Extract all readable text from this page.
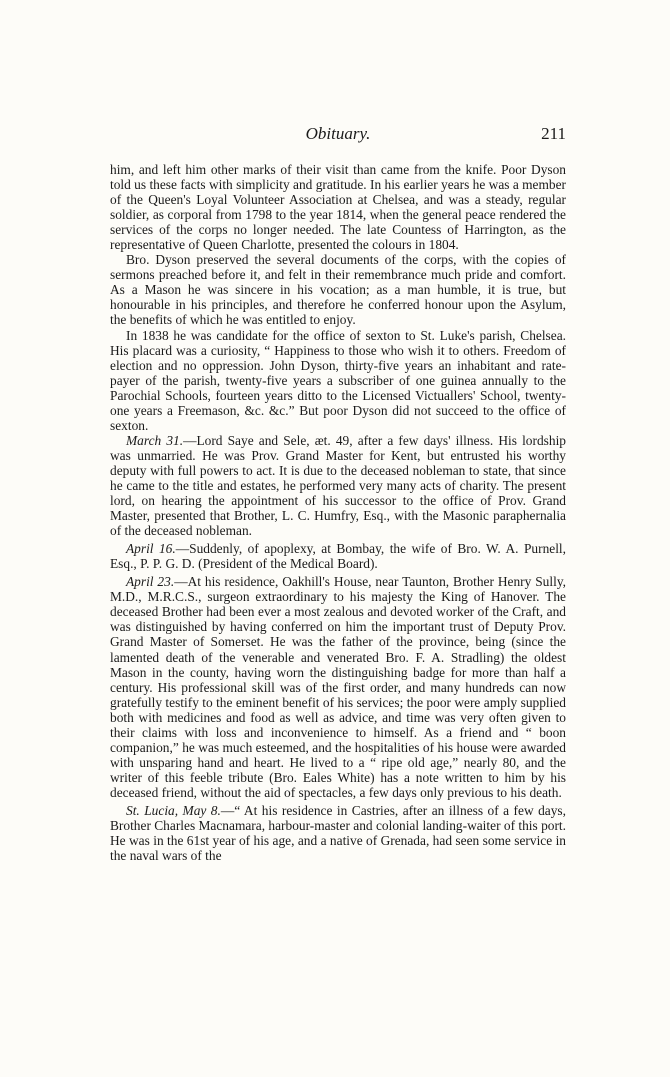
Obituary.	211

him, and left him other marks of their visit than came from the knife. Poor Dyson told us these facts with simplicity and gratitude. In his earlier years he was a member of the Queen's Loyal Volunteer Association at Chelsea, and was a steady, regular soldier, as corporal from 1798 to the year 1814, when the general peace rendered the services of the corps no longer needed. The late Countess of Harrington, as the representative of Queen Charlotte, presented the colours in 1804.

Bro. Dyson preserved the several documents of the corps, with the copies of sermons preached before it, and felt in their remembrance much pride and comfort. As a Mason he was sincere in his vocation; as a man humble, it is true, but honourable in his principles, and therefore he conferred honour upon the Asylum, the benefits of which he was entitled to enjoy.

In 1838 he was candidate for the office of sexton to St. Luke's parish, Chelsea. His placard was a curiosity, “ Happiness to those who wish it to others. Freedom of election and no oppression. John Dyson, thirty-five years an inhabitant and rate-payer of the parish, twenty-five years a subscriber of one guinea annually to the Parochial Schools, fourteen years ditto to the Licensed Victuallers' School, twenty-one years a Freemason, &c. &c.” But poor Dyson did not succeed to the office of sexton.

March 31.—Lord Saye and Sele, æt. 49, after a few days' illness. His lordship was unmarried. He was Prov. Grand Master for Kent, but entrusted his worthy deputy with full powers to act. It is due to the deceased nobleman to state, that since he came to the title and estates, he performed very many acts of charity. The present lord, on hearing the appointment of his successor to the office of Prov. Grand Master, presented that Brother, L. C. Humfry, Esq., with the Masonic paraphernalia of the deceased nobleman.

April 16.—Suddenly, of apoplexy, at Bombay, the wife of Bro. W. A. Purnell, Esq., P. P. G. D. (President of the Medical Board).

April 23.—At his residence, Oakhill's House, near Taunton, Brother Henry Sully, M.D., M.R.C.S., surgeon extraordinary to his majesty the King of Hanover. The deceased Brother had been ever a most zealous and devoted worker of the Craft, and was distinguished by having conferred on him the important trust of Deputy Prov. Grand Master of Somerset. He was the father of the province, being (since the lamented death of the venerable and venerated Bro. F. A. Stradling) the oldest Mason in the county, having worn the distinguishing badge for more than half a century. His professional skill was of the first order, and many hundreds can now gratefully testify to the eminent benefit of his services; the poor were amply supplied both with medicines and food as well as advice, and time was very often given to their claims with loss and inconvenience to himself. As a friend and “ boon companion,” he was much esteemed, and the hospitalities of his house were awarded with unsparing hand and heart. He lived to a “ ripe old age,” nearly 80, and the writer of this feeble tribute (Bro. Eales White) has a note written to him by his deceased friend, without the aid of spectacles, a few days only previous to his death.

St. Lucia, May 8.—“ At his residence in Castries, after an illness of a few days, Brother Charles Macnamara, harbour-master and colonial landing-waiter of this port. He was in the 61st year of his age, and a native of Grenada, had seen some service in the naval wars of the
